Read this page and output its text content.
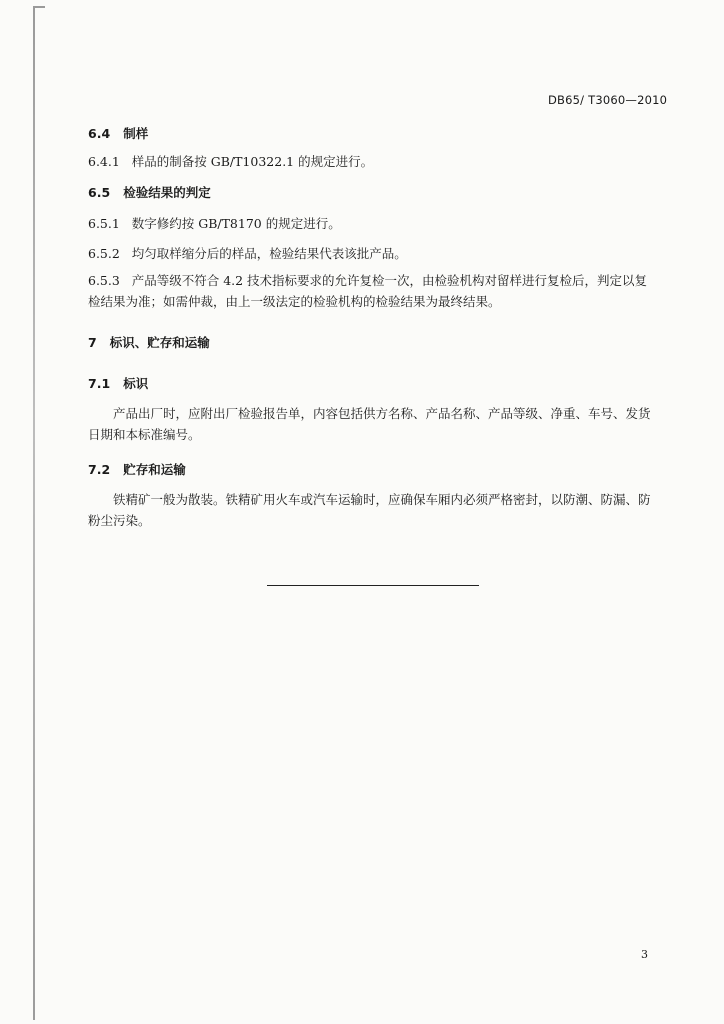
DB65/ T3060—2010
6.4 制样
6.4.1 样品的制备按 GB/T10322.1 的规定进行。
6.5 检验结果的判定
6.5.1 数字修约按 GB/T8170 的规定进行。
6.5.2 均匀取样缩分后的样品，检验结果代表该批产品。
6.5.3 产品等级不符合 4.2 技术指标要求的允许复检一次，由检验机构对留样进行复检后，判定以复
检结果为准；如需仲裁，由上一级法定的检验机构的检验结果为最终结果。
7 标识、贮存和运输
7.1 标识
产品出厂时，应附出厂检验报告单，内容包括供方名称、产品名称、产品等级、净重、车号、发货
日期和本标准编号。
7.2 贮存和运输
铁精矿一般为散装。铁精矿用火车或汽车运输时，应确保车厢内必须严格密封，以防潮、防漏、防
粉尘污染。
3
